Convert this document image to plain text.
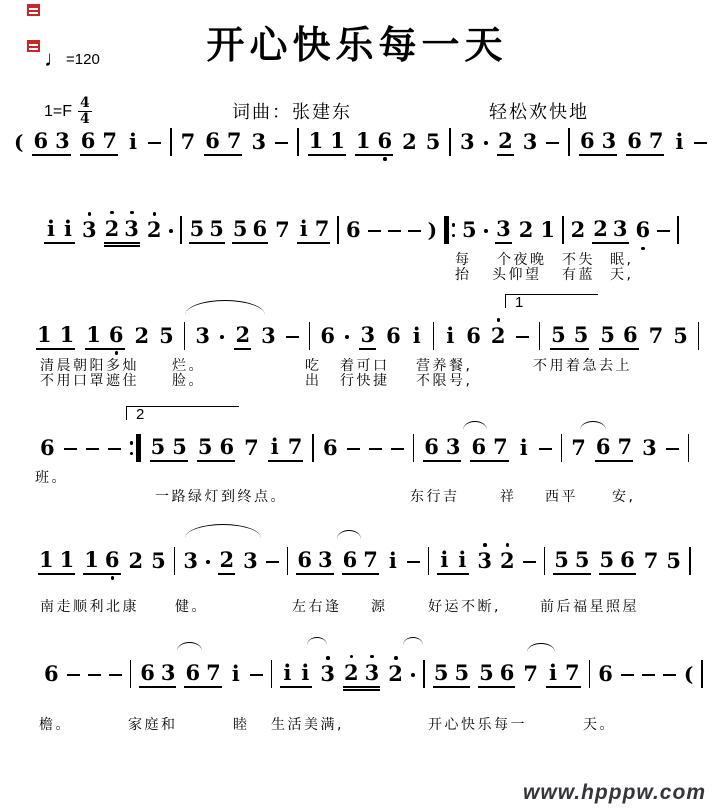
开心快乐每一天
♩=120
1=F 4
4	词曲：张建东	轻松欢快地
www.hpppw.com
( 6 3 6 7 i 7 6 7 3 1 1 1 6 2 5 3 2 3 6 3 6 7 i
i i 3 2 3 2 5 5 5 6 7 i 7 6	) 5 3 2 1 2 2 3 6
1 1 1 6 2 5 3 2 3 6 3 6 i i 6 2 5 5 5 6 7 5
6	5 5 5 6 7 i 7 6	6 3 6 7 i 7 6 7 3
1 1 1 6 2 5 3 2 3 6 3 6 7 i i i 3 2 5 5 5 6 7 5
6	6 3 6 7 i i i 3 2 3 2 5 5 5 6 7 i 7 6	(
1
2
每 个夜晚 不失 眠,
抬 头仰望 有蓝 天,
清晨朝阳多灿 烂。	吃 着可口 营养餐,	不用着急去上
不用口罩遮住 脸。	出 行快捷 不限号,
班。
一路绿灯到终点。	东行吉	祥 西平 安,
南走顺利北康	健。	左右逢 源	好运不断,	前后福星照屋
檐。	家庭和	睦 生活美满,	开心快乐每一	天。
